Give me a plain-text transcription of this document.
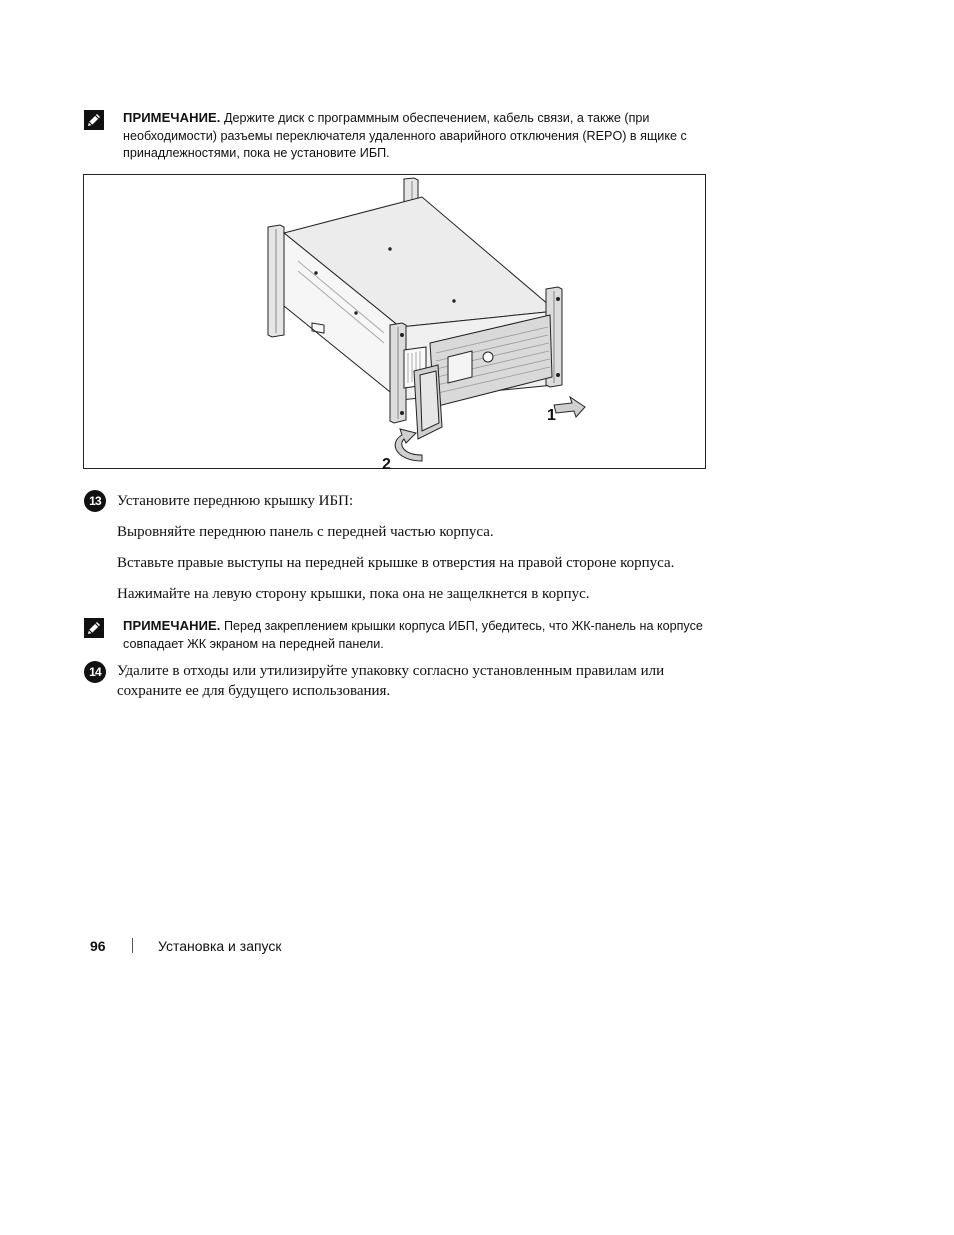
ПРИМЕЧАНИЕ. Держите диск с программным обеспечением, кабель связи, а также (при
необходимости) разъемы переключателя удаленного аварийного отключения (REPO) в ящике с
принадлежностями, пока не установите ИБП.
1
2
13	Установите переднюю крышку ИБП:
Выровняйте переднюю панель с передней частью корпуса.
Вставьте правые выступы на передней крышке в отверстия на правой стороне корпуса.
Нажимайте на левую сторону крышки, пока она не защелкнется в корпус.
ПРИМЕЧАНИЕ. Перед закреплением крышки корпуса ИБП, убедитесь, что ЖК-панель на корпусе
совпадает ЖК экраном на передней панели.
14	Удалите в отходы или утилизируйте упаковку согласно установленным правилам или
сохраните ее для будущего использования.
96	Установка и запуск
